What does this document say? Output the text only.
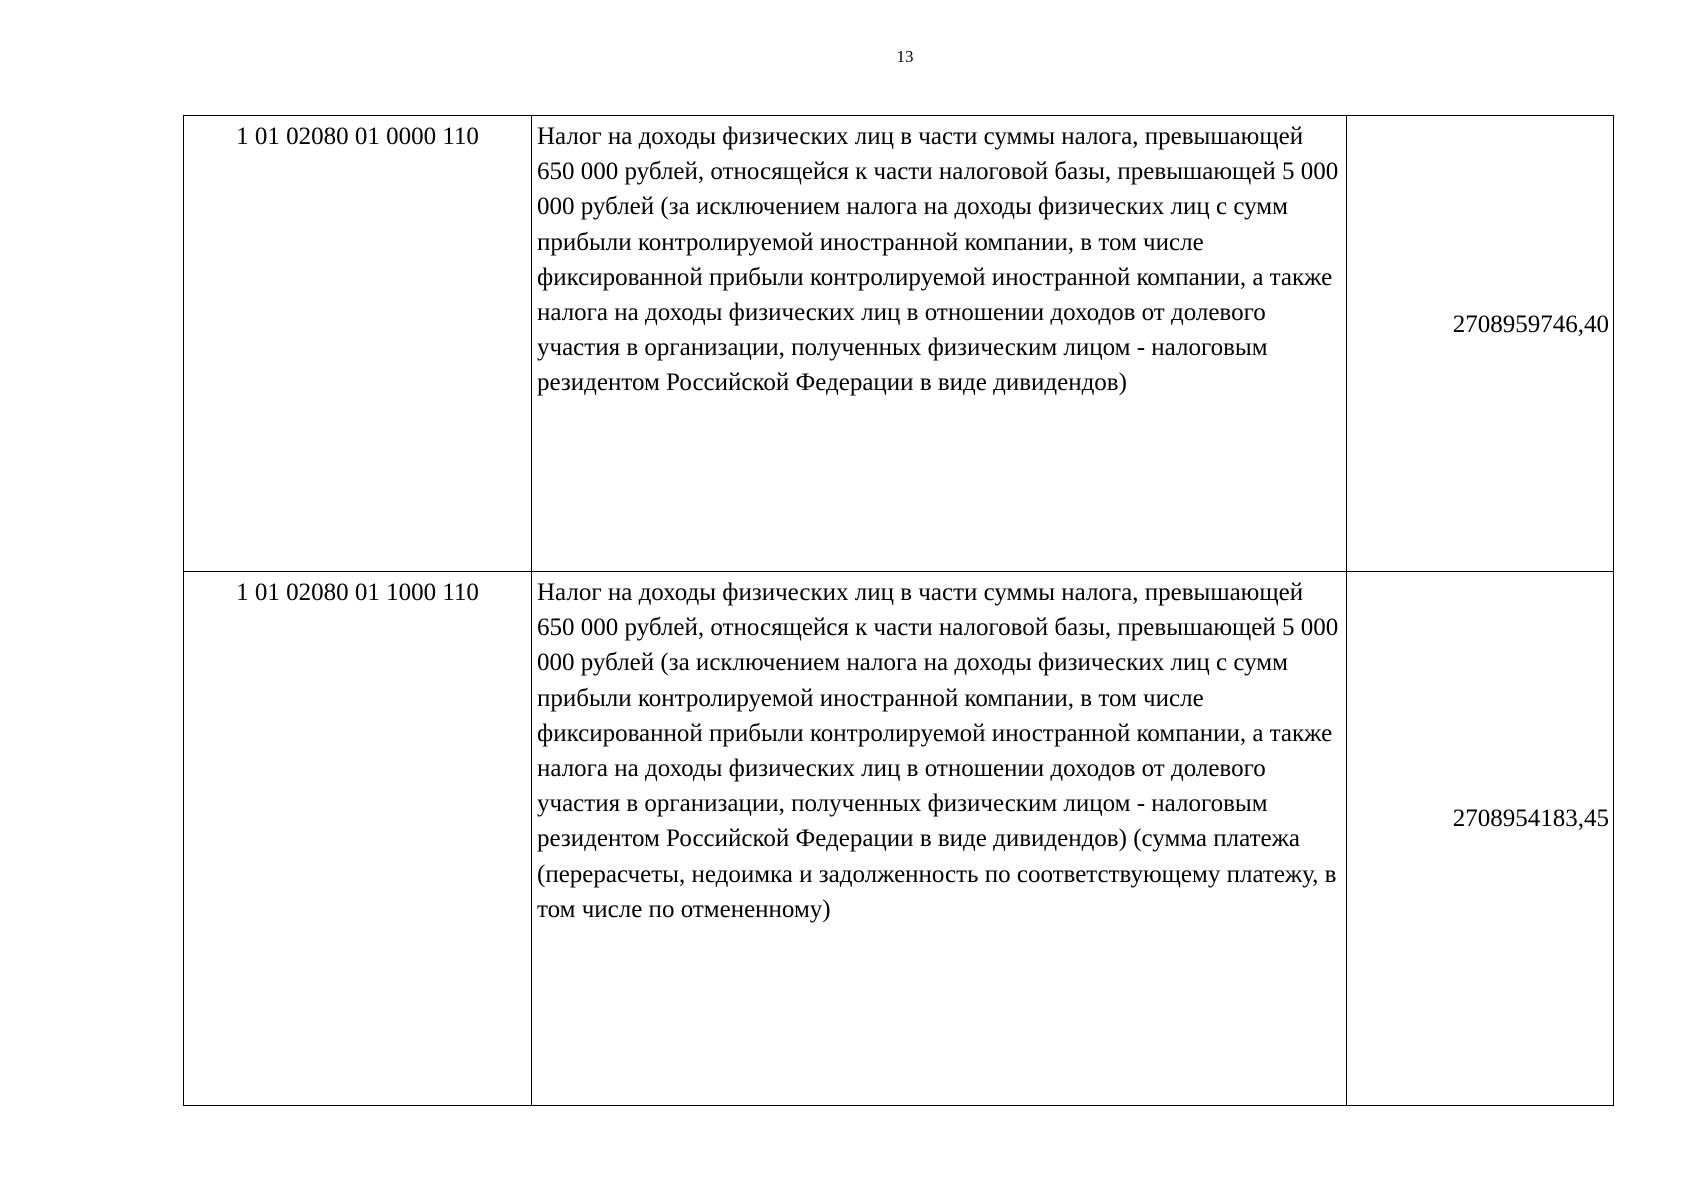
13
1 01 02080 01 0000 110	Налог на доходы физических лиц в части суммы налога, превышающей 650 000 рублей, относящейся к части налоговой базы, превышающей 5 000 000 рублей (за исключением налога на доходы физических лиц с сумм прибыли контролируемой иностранной компании, в том числе фиксированной прибыли контролируемой иностранной компании, а также налога на доходы физических лиц в отношении доходов от долевого участия в организации, полученных физическим лицом - налоговым резидентом Российской Федерации в виде дивидендов)	2708959746,40
1 01 02080 01 1000 110	Налог на доходы физических лиц в части суммы налога, превышающей 650 000 рублей, относящейся к части налоговой базы, превышающей 5 000 000 рублей (за исключением налога на доходы физических лиц с сумм прибыли контролируемой иностранной компании, в том числе фиксированной прибыли контролируемой иностранной компании, а также налога на доходы физических лиц в отношении доходов от долевого участия в организации, полученных физическим лицом - налоговым резидентом Российской Федерации в виде дивидендов) (сумма платежа (перерасчеты, недоимка и задолженность по соответствующему платежу, в том числе по отмененному)	2708954183,45
